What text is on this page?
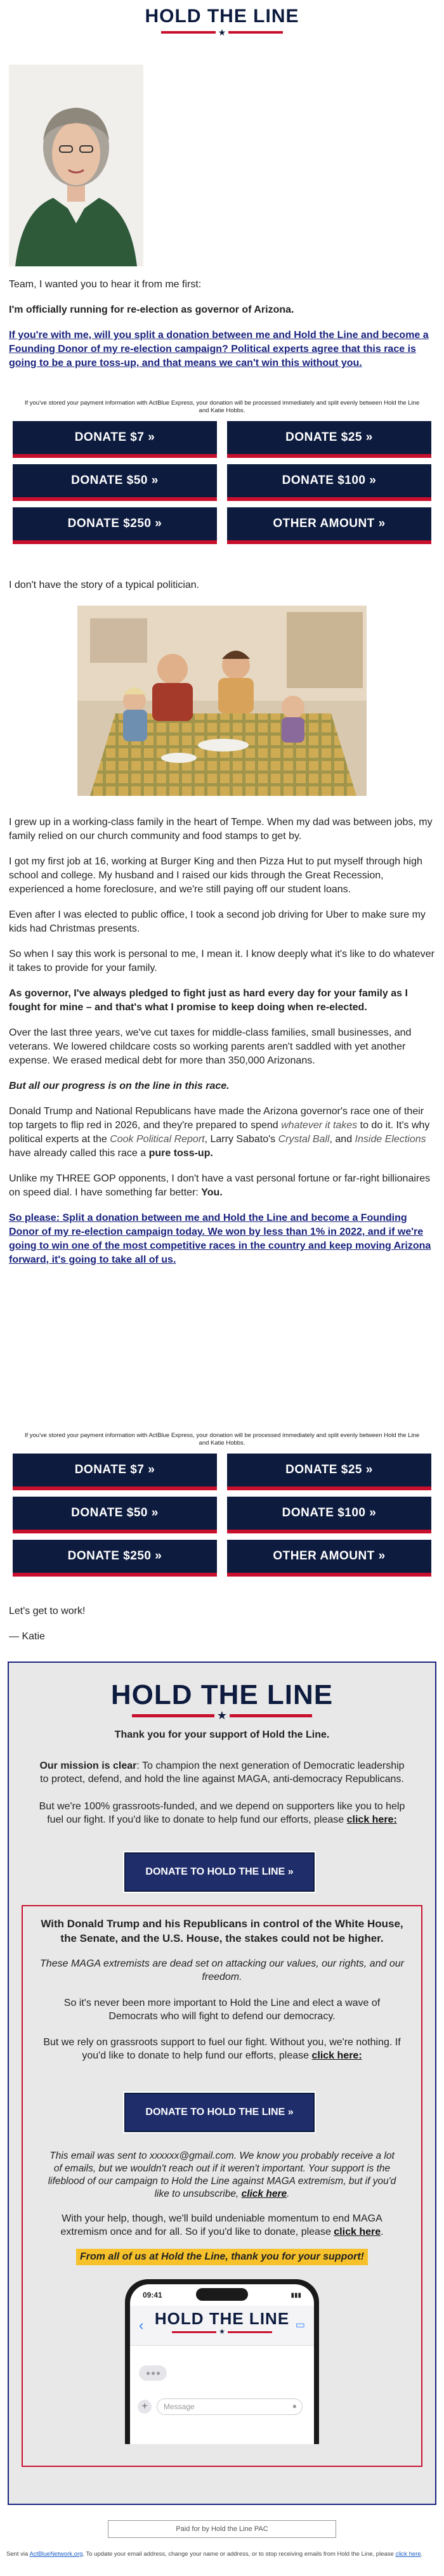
HOLD THE LINE
★

Team, I wanted you to hear it from me first:

I'm officially running for re-election as governor of Arizona.

If you're with me, will you split a donation between me and Hold the Line and become a Founding Donor of my re-election campaign? Political experts agree that this race is going to be a pure toss-up, and that means we can't win this without you.

If you've stored your payment information with ActBlue Express, your donation will be processed immediately and split evenly between Hold the Line and Katie Hobbs.
DONATE $7 »	DONATE $25 »
DONATE $50 »	DONATE $100 »
DONATE $250 »	OTHER AMOUNT »

I don't have the story of a typical politician.

I grew up in a working-class family in the heart of Tempe. When my dad was between jobs, my family relied on our church community and food stamps to get by.

I got my first job at 16, working at Burger King and then Pizza Hut to put myself through high school and college. My husband and I raised our kids through the Great Recession, experienced a home foreclosure, and we're still paying off our student loans.

Even after I was elected to public office, I took a second job driving for Uber to make sure my kids had Christmas presents.

So when I say this work is personal to me, I mean it. I know deeply what it's like to do whatever it takes to provide for your family.

As governor, I've always pledged to fight just as hard every day for your family as I fought for mine – and that's what I promise to keep doing when re-elected.

Over the last three years, we've cut taxes for middle-class families, small businesses, and veterans. We lowered childcare costs so working parents aren't saddled with yet another expense. We erased medical debt for more than 350,000 Arizonans.

But all our progress is on the line in this race.

Donald Trump and National Republicans have made the Arizona governor's race one of their top targets to flip red in 2026, and they're prepared to spend whatever it takes to do it. It's why political experts at the Cook Political Report, Larry Sabato's Crystal Ball, and Inside Elections have already called this race a pure toss-up.

Unlike my THREE GOP opponents, I don't have a vast personal fortune or far-right billionaires on speed dial. I have something far better: You.

So please: Split a donation between me and Hold the Line and become a Founding Donor of my re-election campaign today. We won by less than 1% in 2022, and if we're going to win one of the most competitive races in the country and keep moving Arizona forward, it's going to take all of us.

If you've stored your payment information with ActBlue Express, your donation will be processed immediately and split evenly between Hold the Line and Katie Hobbs.
DONATE $7 »	DONATE $25 »
DONATE $50 »	DONATE $100 »
DONATE $250 »	OTHER AMOUNT »

Let's get to work!

— Katie

HOLD THE LINE
★
Thank you for your support of Hold the Line.
Our mission is clear: To champion the next generation of Democratic leadership to protect, defend, and hold the line against MAGA, anti-democracy Republicans.
But we're 100% grassroots-funded, and we depend on supporters like you to help fuel our fight. If you'd like to donate to help fund our efforts, please click here:
DONATE TO HOLD THE LINE »
With Donald Trump and his Republicans in control of the White House, the Senate, and the U.S. House, the stakes could not be higher.
These MAGA extremists are dead set on attacking our values, our rights, and our freedom.
So it's never been more important to Hold the Line and elect a wave of Democrats who will fight to defend our democracy.
But we rely on grassroots support to fuel our fight. Without you, we're nothing. If you'd like to donate to help fund our efforts, please click here:
DONATE TO HOLD THE LINE »
This email was sent to xxxxxx@gmail.com. We know you probably receive a lot of emails, but we wouldn't reach out if it weren't important. Your support is the lifeblood of our campaign to Hold the Line against MAGA extremism, but if you'd like to unsubscribe, click here.
With your help, though, we'll build undeniable momentum to end MAGA extremism once and for all. So if you'd like to donate, please click here.
From all of us at Hold the Line, thank you for your support!
09:41	▮▮▮
‹	▭
HOLD THE LINE
★
+	Message	●
Paid for by Hold the Line PAC
Sent via ActBlueNetwork.org. To update your email address, change your name or address, or to stop receiving emails from Hold the Line, please click here.
